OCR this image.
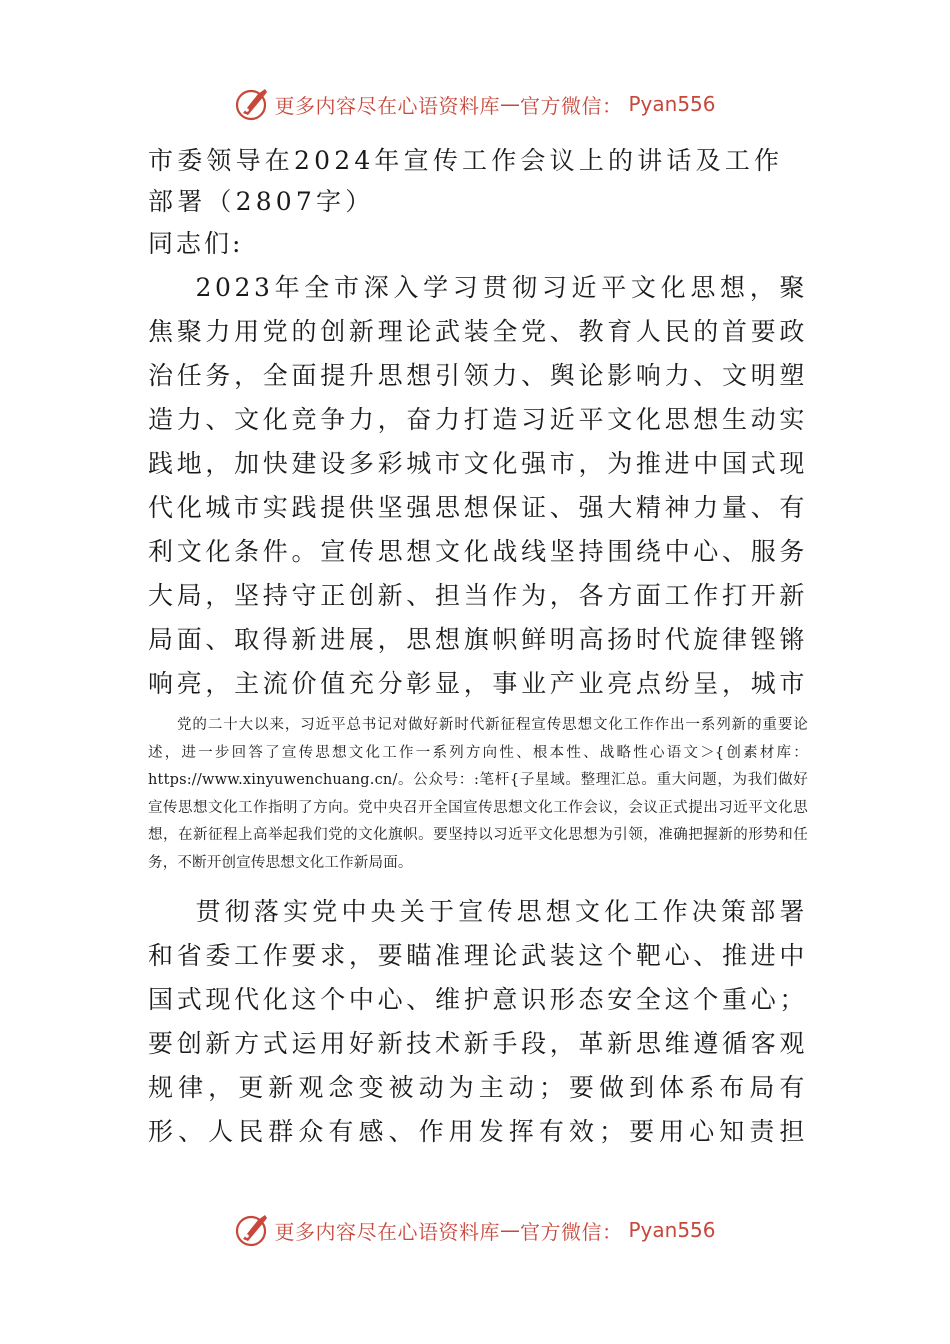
更多内容尽在心语资料库 — 官方微信： Pyan556
市委领导在2024年宣传工作会议上的讲话及工作部署（2807字）

同志们:

2023年全市深入学习贯彻习近平文化思想，聚焦聚力用党的创新理论武装全党、教育人民的首要政治任务，全面提升思想引领力、舆论影响力、文明塑造力、文化竞争力，奋力打造习近平文化思想生动实践地，加快建设多彩城市文化强市，为推进中国式现代化城市实践提供坚强思想保证、强大精神力量、有利文化条件。宣传思想文化战线坚持围绕中心、服务大局，坚持守正创新、担当作为，各方面工作打开新局面、取得新进展，思想旗帜鲜明高扬时代旋律铿锵响亮，主流价值充分彰显，事业产业亮点纷呈，城市

党的二十大以来，习近平总书记对做好新时代新征程宣传思想文化工作作出一系列新的重要论述，进一步回答了宣传思想文化工作一系列方向性、根本性、战略性心语文＞{创素材库：https://www.xinyuwenchuang.cn/。公众号：:笔杆{子星域。整理汇总。重大问题，为我们做好宣传思想文化工作指明了方向。党中央召开全国宣传思想文化工作会议，会议正式提出习近平文化思想，在新征程上高举起我们党的文化旗帜。要坚持以习近平文化思想为引领，准确把握新的形势和任务，不断开创宣传思想文化工作新局面。

贯彻落实党中央关于宣传思想文化工作决策部署和省委工作要求，要瞄准理论武装这个靶心、推进中国式现代化这个中心、维护意识形态安全这个重心；要创新方式运用好新技术新手段，革新思维遵循客观规律，更新观念变被动为主动；要做到体系布局有形、人民群众有感、作用发挥有效；要用心知责担

更多内容尽在心语资料库 — 官方微信： Pyan556
